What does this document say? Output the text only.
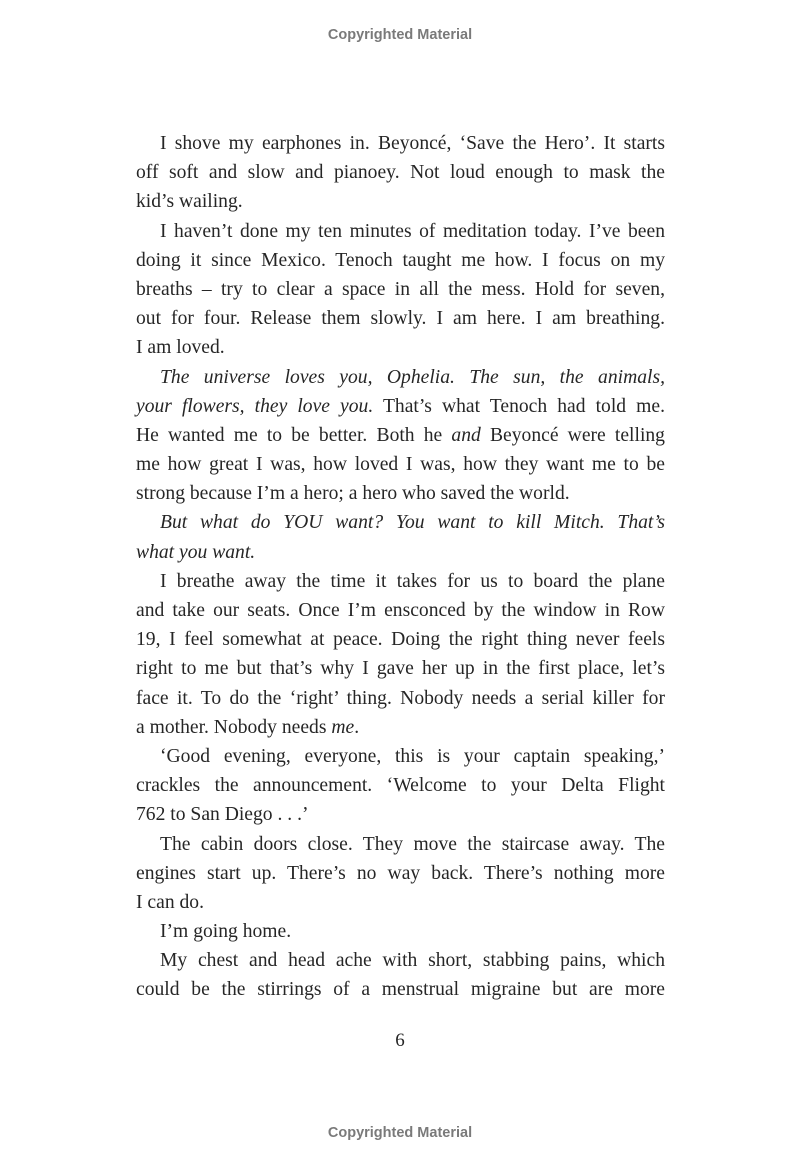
Copyrighted Material
I shove my earphones in. Beyoncé, ‘Save the Hero’. It starts
off soft and slow and pianoey. Not loud enough to mask the
kid’s wailing.
I haven’t done my ten minutes of meditation today. I’ve been
doing it since Mexico. Tenoch taught me how. I focus on my
breaths – try to clear a space in all the mess. Hold for seven,
out for four. Release them slowly. I am here. I am breathing.
I am loved.
The universe loves you, Ophelia. The sun, the animals,
your flowers, they love you. That’s what Tenoch had told me.
He wanted me to be better. Both he and Beyoncé were telling
me how great I was, how loved I was, how they want me to be
strong because I’m a hero; a hero who saved the world.
But what do YOU want? You want to kill Mitch. That’s
what you want.
I breathe away the time it takes for us to board the plane
and take our seats. Once I’m ensconced by the window in Row
19, I feel somewhat at peace. Doing the right thing never feels
right to me but that’s why I gave her up in the first place, let’s
face it. To do the ‘right’ thing. Nobody needs a serial killer for
a mother. Nobody needs me.
‘Good evening, everyone, this is your captain speaking,’
crackles the announcement. ‘Welcome to your Delta Flight
762 to San Diego . . .’
The cabin doors close. They move the staircase away. The
engines start up. There’s no way back. There’s nothing more
I can do.
I’m going home.
My chest and head ache with short, stabbing pains, which
could be the stirrings of a menstrual migraine but are more
6
Copyrighted Material
